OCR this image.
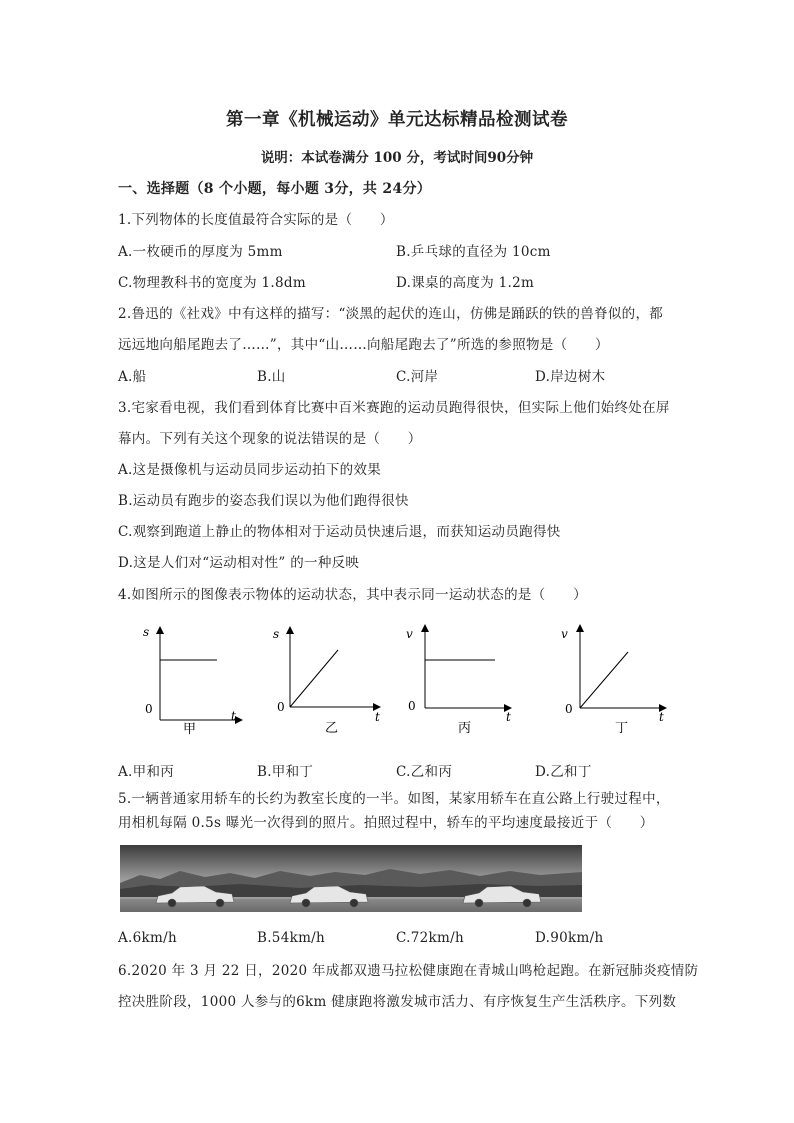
第一章《机械运动》单元达标精品检测试卷
说明：本试卷满分 100 分，考试时间90分钟
一、选择题（8 个小题，每小题 3分，共 24分）
1.下列物体的长度值最符合实际的是（　　）
A.一枚硬币的厚度为 5mm	B.乒乓球的直径为 10cm
C.物理教科书的宽度为 1.8dm	D.课桌的高度为 1.2m
2.鲁迅的《社戏》中有这样的描写：“淡黑的起伏的连山，仿佛是踊跃的铁的兽脊似的，都
远远地向船尾跑去了……”，其中“山……向船尾跑去了”所选的参照物是（　　）
A.船	B.山	C.河岸	D.岸边树木
3.宅家看电视，我们看到体育比赛中百米赛跑的运动员跑得很快，但实际上他们始终处在屏
幕内。下列有关这个现象的说法错误的是（　　）
A.这是摄像机与运动员同步运动拍下的效果
B.运动员有跑步的姿态我们误以为他们跑得很快
C.观察到跑道上静止的物体相对于运动员快速后退，而获知运动员跑得快
D.这是人们对“运动相对性” 的一种反映
4.如图所示的图像表示物体的运动状态，其中表示同一运动状态的是（　　）
s
t
0
甲
s
t
0
乙
v
t
0
丙
v
t
0
丁
A.甲和丙	B.甲和丁	C.乙和丙	D.乙和丁
5.一辆普通家用轿车的长约为教室长度的一半。如图，某家用轿车在直公路上行驶过程中，
用相机每隔 0.5s 曝光一次得到的照片。拍照过程中，轿车的平均速度最接近于（　　）
A.6km/h	B.54km/h	C.72km/h	D.90km/h
6.2020 年 3 月 22 日，2020 年成都双遗马拉松健康跑在青城山鸣枪起跑。在新冠肺炎疫情防
控决胜阶段，1000 人参与的6km 健康跑将激发城市活力、有序恢复生产生活秩序。下列数
